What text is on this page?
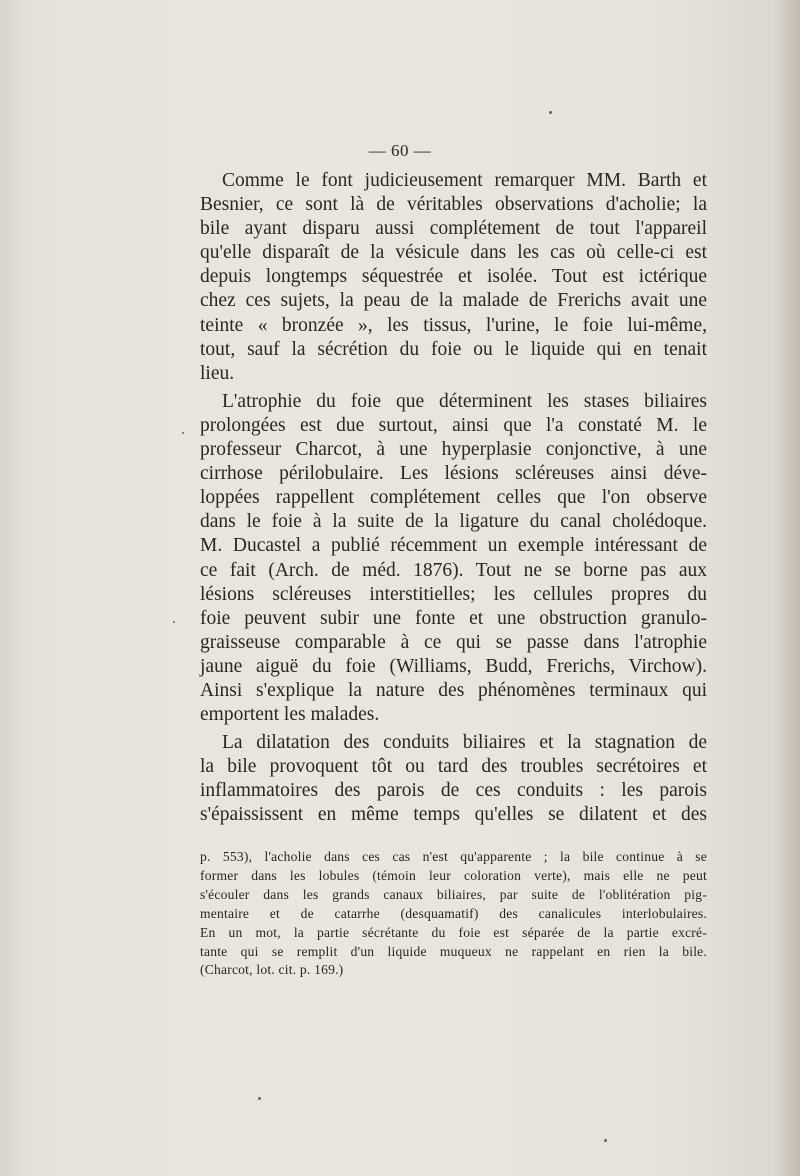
— 60 —
Comme le font judicieusement remarquer MM. Barth et
Besnier, ce sont là de véritables observations d'acholie; la
bile ayant disparu aussi complétement de tout l'appareil
qu'elle disparaît de la vésicule dans les cas où celle-ci est
depuis longtemps séquestrée et isolée. Tout est ictérique
chez ces sujets, la peau de la malade de Frerichs avait une
teinte « bronzée », les tissus, l'urine, le foie lui-même,
tout, sauf la sécrétion du foie ou le liquide qui en tenait
lieu.
L'atrophie du foie que déterminent les stases biliaires
prolongées est due surtout, ainsi que l'a constaté M. le
professeur Charcot, à une hyperplasie conjonctive, à une
cirrhose périlobulaire. Les lésions scléreuses ainsi déve-
loppées rappellent complétement celles que l'on observe
dans le foie à la suite de la ligature du canal cholédoque.
M. Ducastel a publié récemment un exemple intéressant de
ce fait (Arch. de méd. 1876). Tout ne se borne pas aux
lésions scléreuses interstitielles; les cellules propres du
foie peuvent subir une fonte et une obstruction granulo-
graisseuse comparable à ce qui se passe dans l'atrophie
jaune aiguë du foie (Williams, Budd, Frerichs, Virchow).
Ainsi s'explique la nature des phénomènes terminaux qui
emportent les malades.
La dilatation des conduits biliaires et la stagnation de
la bile provoquent tôt ou tard des troubles secrétoires et
inflammatoires des parois de ces conduits : les parois
s'épaississent en même temps qu'elles se dilatent et des
p. 553), l'acholie dans ces cas n'est qu'apparente ; la bile continue à se
former dans les lobules (témoin leur coloration verte), mais elle ne peut
s'écouler dans les grands canaux biliaires, par suite de l'oblitération pig-
mentaire et de catarrhe (desquamatif) des canalicules interlobulaires.
En un mot, la partie sécrétante du foie est séparée de la partie excré-
tante qui se remplit d'un liquide muqueux ne rappelant en rien la bile.
(Charcot, lot. cit. p. 169.)
